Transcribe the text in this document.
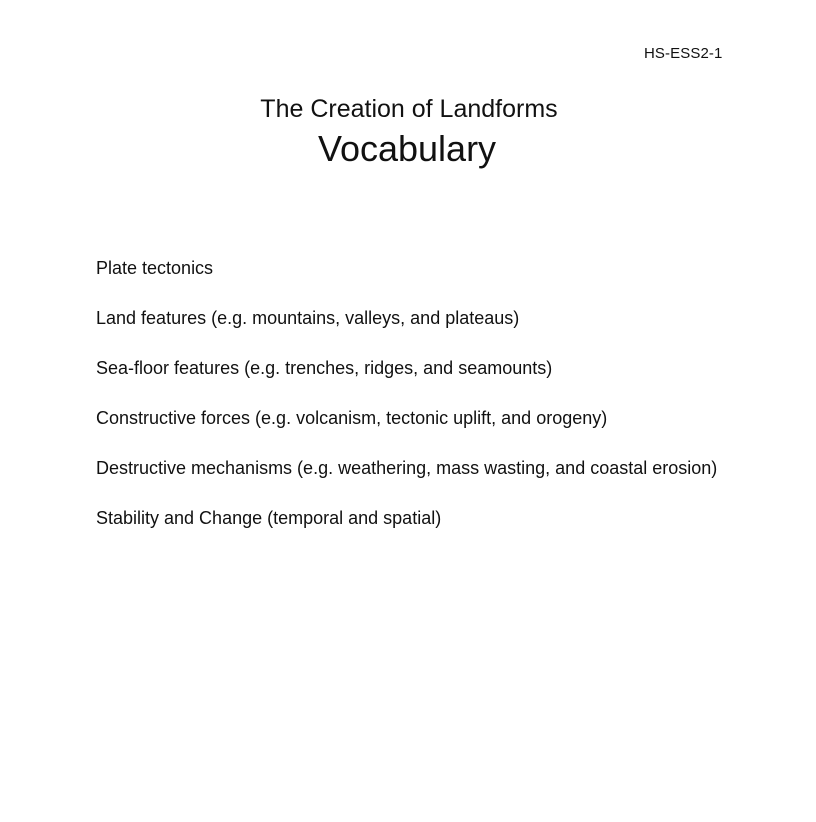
HS-ESS2-1
The Creation of Landforms
Vocabulary
Plate tectonics
Land features (e.g. mountains, valleys, and plateaus)
Sea-floor features (e.g. trenches, ridges, and seamounts)
Constructive forces (e.g. volcanism, tectonic uplift, and orogeny)
Destructive mechanisms (e.g. weathering, mass wasting, and coastal erosion)
Stability and Change (temporal and spatial)
